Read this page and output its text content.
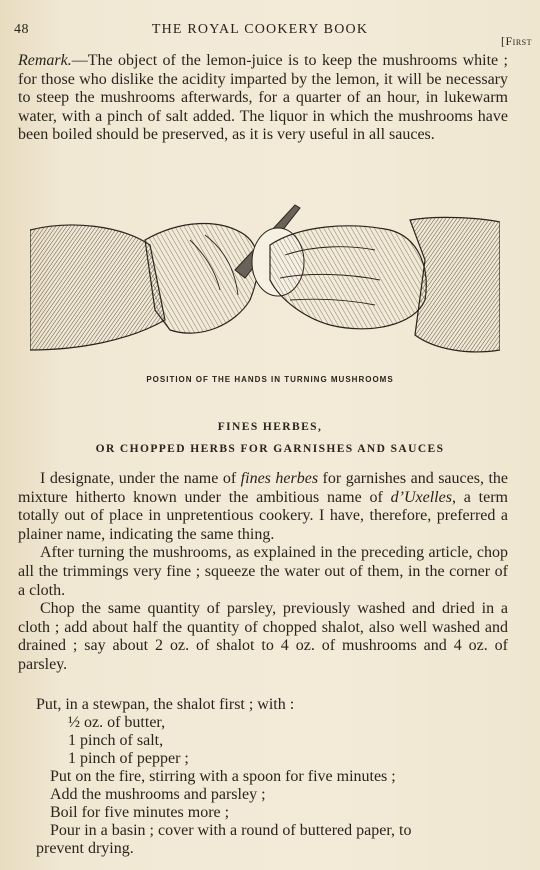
48	THE ROYAL COOKERY BOOK
[First
Remark.—The object of the lemon-juice is to keep the mushrooms white ; for those who dislike the acidity imparted by the lemon, it will be necessary to steep the mushrooms afterwards, for a quarter of an hour, in lukewarm water, with a pinch of salt added. The liquor in which the mushrooms have been boiled should be preserved, as it is very useful in all sauces.
POSITION OF THE HANDS IN TURNING MUSHROOMS
FINES HERBES,
OR CHOPPED HERBS FOR GARNISHES AND SAUCES

I designate, under the name of fines herbes for garnishes and sauces, the mixture hitherto known under the ambitious name of d’Uxelles, a term totally out of place in unpretentious cookery. I have, therefore, preferred a plainer name, indicating the same thing.

After turning the mushrooms, as explained in the preceding article, chop all the trimmings very fine ; squeeze the water out of them, in the corner of a cloth.

Chop the same quantity of parsley, previously washed and dried in a cloth ; add about half the quantity of chopped shalot, also well washed and drained ; say about 2 oz. of shalot to 4 oz. of mushrooms and 4 oz. of parsley.

Put, in a stewpan, the shalot first ; with :
½ oz. of butter,
1 pinch of salt,
1 pinch of pepper ;
Put on the fire, stirring with a spoon for five minutes ;
Add the mushrooms and parsley ;
Boil for five minutes more ;
Pour in a basin ; cover with a round of buttered paper, to
prevent drying.
